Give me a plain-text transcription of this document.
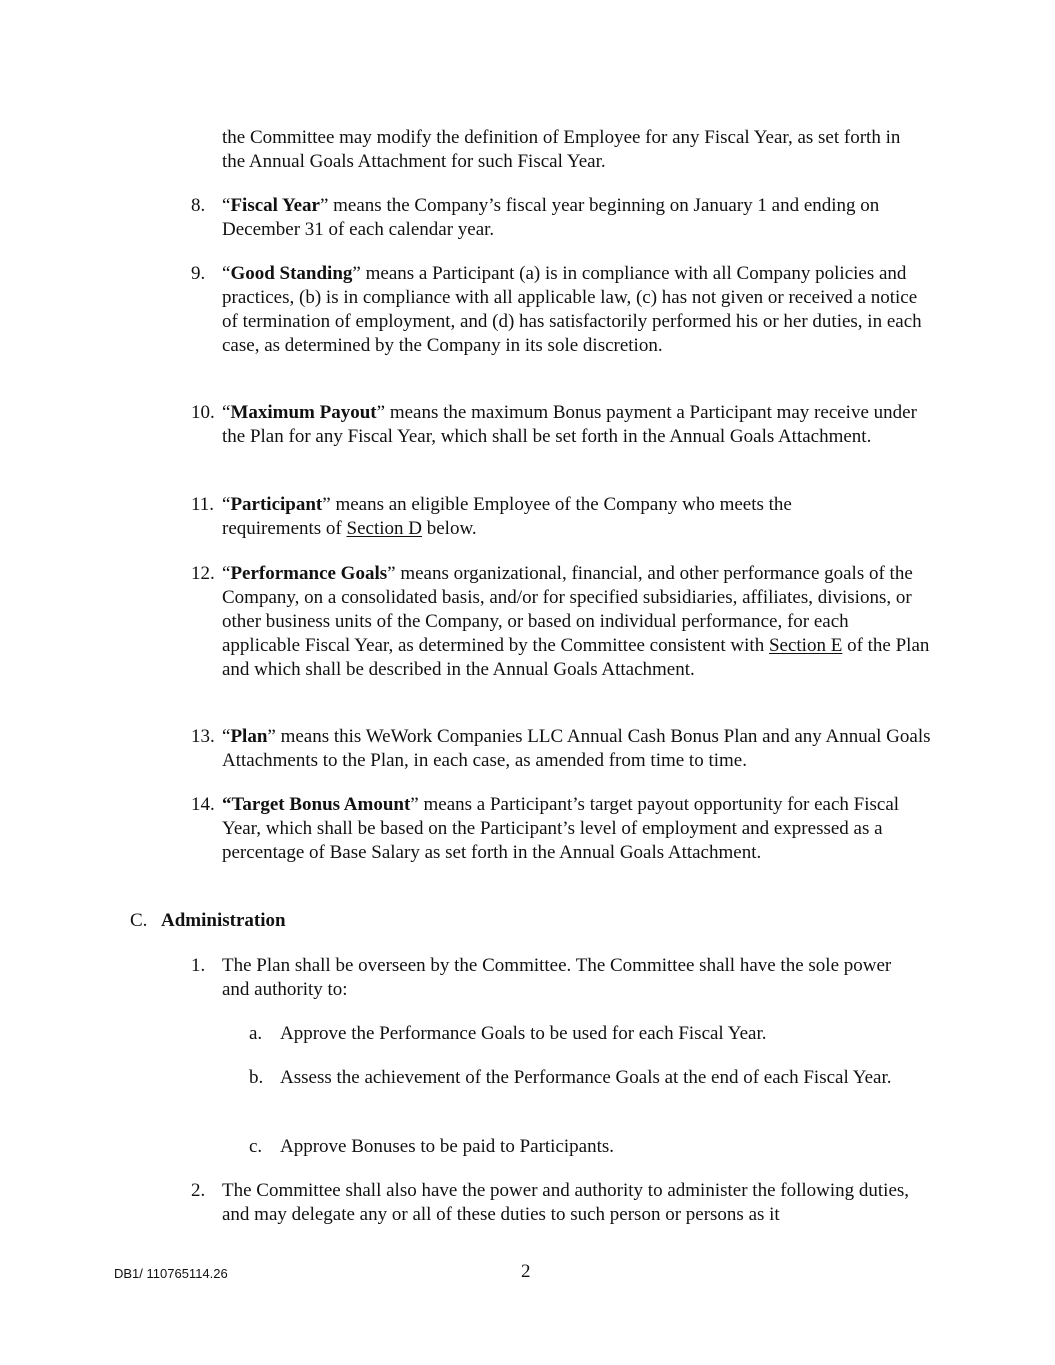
the Committee may modify the definition of Employee for any Fiscal Year, as set forth in the Annual Goals Attachment for such Fiscal Year.

8. “Fiscal Year” means the Company’s fiscal year beginning on January 1 and ending on December 31 of each calendar year.

9. “Good Standing” means a Participant (a) is in compliance with all Company policies and practices, (b) is in compliance with all applicable law, (c) has not given or received a notice of termination of employment, and (d) has satisfactorily performed his or her duties, in each case, as determined by the Company in its sole discretion.

10. “Maximum Payout” means the maximum Bonus payment a Participant may receive under the Plan for any Fiscal Year, which shall be set forth in the Annual Goals Attachment.

11. “Participant” means an eligible Employee of the Company who meets the requirements of Section D below.

12. “Performance Goals” means organizational, financial, and other performance goals of the Company, on a consolidated basis, and/or for specified subsidiaries, affiliates, divisions, or other business units of the Company, or based on individual performance, for each applicable Fiscal Year, as determined by the Committee consistent with Section E of the Plan and which shall be described in the Annual Goals Attachment.

13. “Plan” means this WeWork Companies LLC Annual Cash Bonus Plan and any Annual Goals Attachments to the Plan, in each case, as amended from time to time.

14. “Target Bonus Amount” means a Participant’s target payout opportunity for each Fiscal Year, which shall be based on the Participant’s level of employment and expressed as a percentage of Base Salary as set forth in the Annual Goals Attachment.

C. Administration
1. The Plan shall be overseen by the Committee. The Committee shall have the sole power and authority to:

a. Approve the Performance Goals to be used for each Fiscal Year.

b. Assess the achievement of the Performance Goals at the end of each Fiscal Year.

c. Approve Bonuses to be paid to Participants.

2. The Committee shall also have the power and authority to administer the following duties, and may delegate any or all of these duties to such person or persons as it

DB1/ 110765114.26	2
